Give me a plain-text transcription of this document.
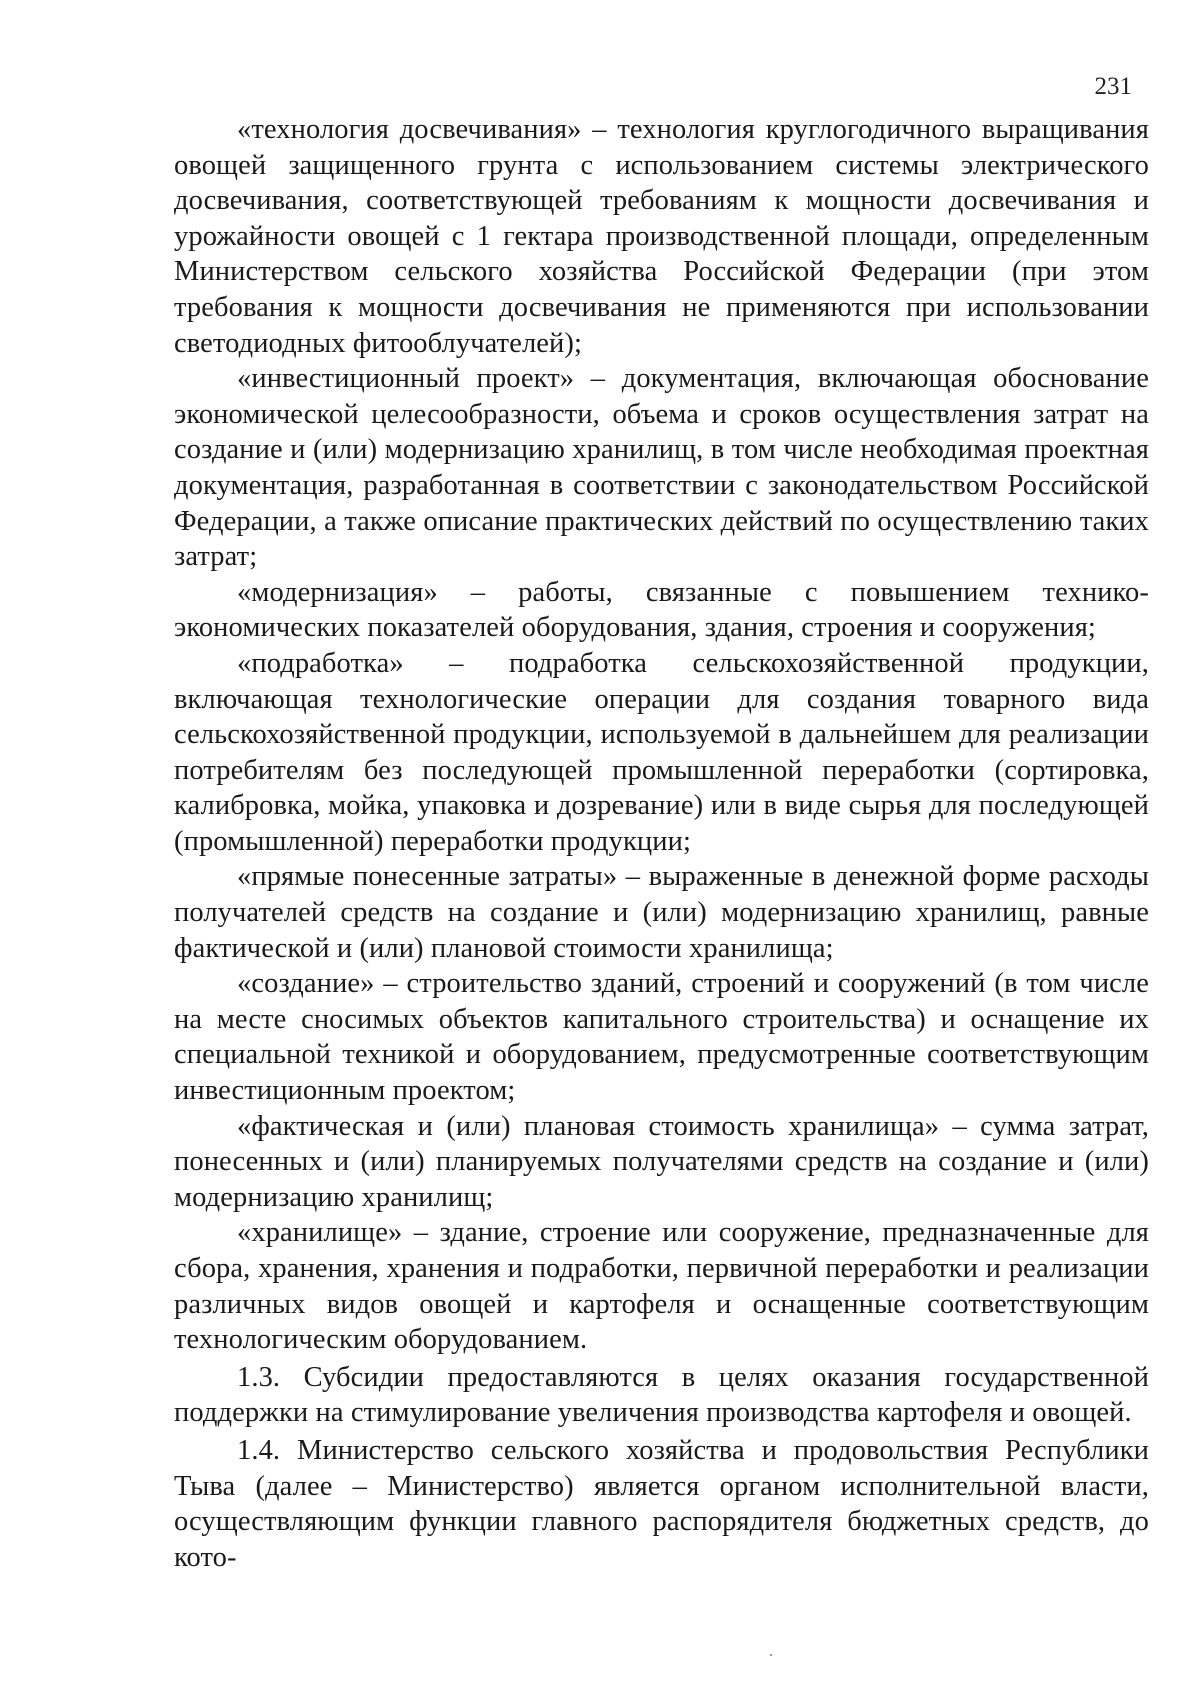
231

«технология досвечивания» – технология круглогодичного выращивания овощей защищенного грунта с использованием системы электрического досвечивания, соответствующей требованиям к мощности досвечивания и урожайности овощей с 1 гектара производственной площади, определенным Министерством сельского хозяйства Российской Федерации (при этом требования к мощности досвечивания не применяются при использовании светодиодных фитооблучателей);

«инвестиционный проект» – документация, включающая обоснование экономической целесообразности, объема и сроков осуществления затрат на создание и (или) модернизацию хранилищ, в том числе необходимая проектная документация, разработанная в соответствии с законодательством Российской Федерации, а также описание практических действий по осуществлению таких затрат;

«модернизация» – работы, связанные с повышением технико-экономических показателей оборудования, здания, строения и сооружения;

«подработка» – подработка сельскохозяйственной продукции, включающая технологические операции для создания товарного вида сельскохозяйственной продукции, используемой в дальнейшем для реализации потребителям без последующей промышленной переработки (сортировка, калибровка, мойка, упаковка и дозревание) или в виде сырья для последующей (промышленной) переработки продукции;

«прямые понесенные затраты» – выраженные в денежной форме расходы получателей средств на создание и (или) модернизацию хранилищ, равные фактической и (или) плановой стоимости хранилища;

«создание» – строительство зданий, строений и сооружений (в том числе на месте сносимых объектов капитального строительства) и оснащение их специальной техникой и оборудованием, предусмотренные соответствующим инвестиционным проектом;

«фактическая и (или) плановая стоимость хранилища» – сумма затрат, понесенных и (или) планируемых получателями средств на создание и (или) модернизацию хранилищ;

«хранилище» – здание, строение или сооружение, предназначенные для сбора, хранения, хранения и подработки, первичной переработки и реализации различных видов овощей и картофеля и оснащенные соответствующим технологическим оборудованием.

1.3. Субсидии предоставляются в целях оказания государственной поддержки на стимулирование увеличения производства картофеля и овощей.

1.4. Министерство сельского хозяйства и продовольствия Республики Тыва (далее – Министерство) является органом исполнительной власти, осуществляющим функции главного распорядителя бюджетных средств, до кото-
